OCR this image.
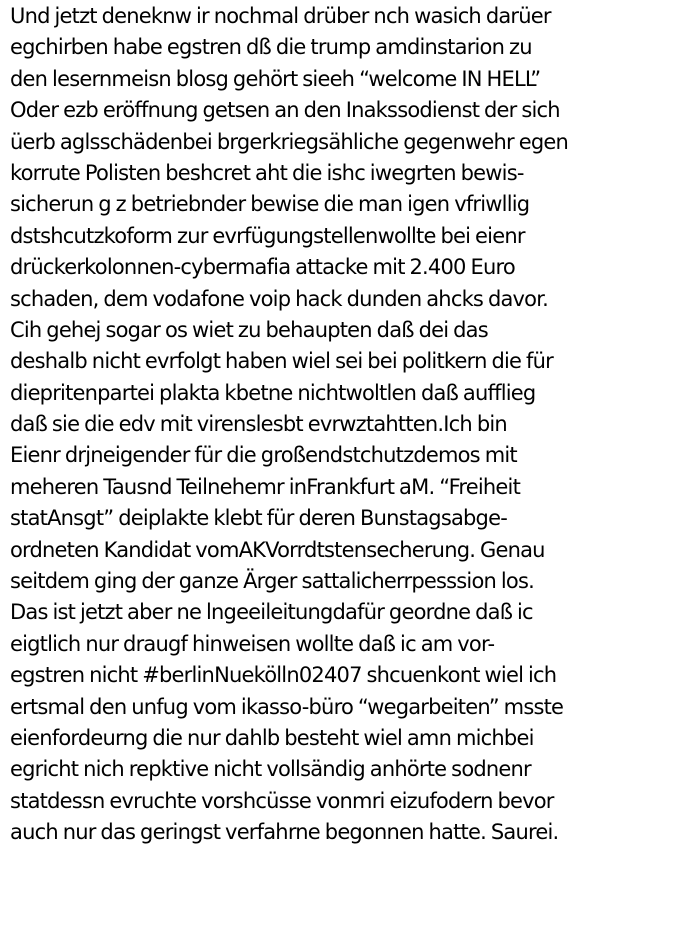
Und jetzt deneknw ir nochmal drüber nch wasich darüer
egchirben habe egstren dß die trump amdinstarion zu
den lesernmeisn blosg gehört sieeh “welcome IN HELL”
Oder ezb eröffnung getsen an den Inakssodienst der sich
üerb aglsschädenbei brgerkriegsähliche gegenwehr egen
korrute Polisten beshcret aht die ishc iwegrten bewis-
sicherun g z betriebnder bewise die man igen vfriwllig
dstshcutzkoform zur evrfügungstellenwollte bei eienr
drückerkolonnen-cybermafia attacke mit 2.400 Euro
schaden, dem vodafone voip hack dunden ahcks davor.
Cih gehej sogar os wiet zu behaupten daß dei das
deshalb nicht evrfolgt haben wiel sei bei politkern die für
diepritenpartei plakta kbetne nichtwoltlen daß aufflieg
daß sie die edv mit virenslesbt evrwztahtten.Ich bin
Eienr drjneigender für die großendstchutzdemos mit
meheren Tausnd Teilnehemr inFrankfurt aM. “Freiheit
statAnsgt” deiplakte klebt für deren Bunstagsabge-
ordneten Kandidat vomAKVorrdtstensecherung. Genau
seitdem ging der ganze Ärger sattalicherrpesssion los.
Das ist jetzt aber ne lngeeileitungdafür geordne daß ic
eigtlich nur draugf hinweisen wollte daß ic am vor-
egstren nicht #berlinNuekölln02407 shcuenkont wiel ich
ertsmal den unfug vom ikasso-büro “wegarbeiten” msste
eienfordeurng die nur dahlb besteht wiel amn michbei
egricht nich repktive nicht vollsändig anhörte sodnenr
statdessn evruchte vorshcüsse vonmri eizufodern bevor
auch nur das geringst verfahrne begonnen hatte. Saurei.
